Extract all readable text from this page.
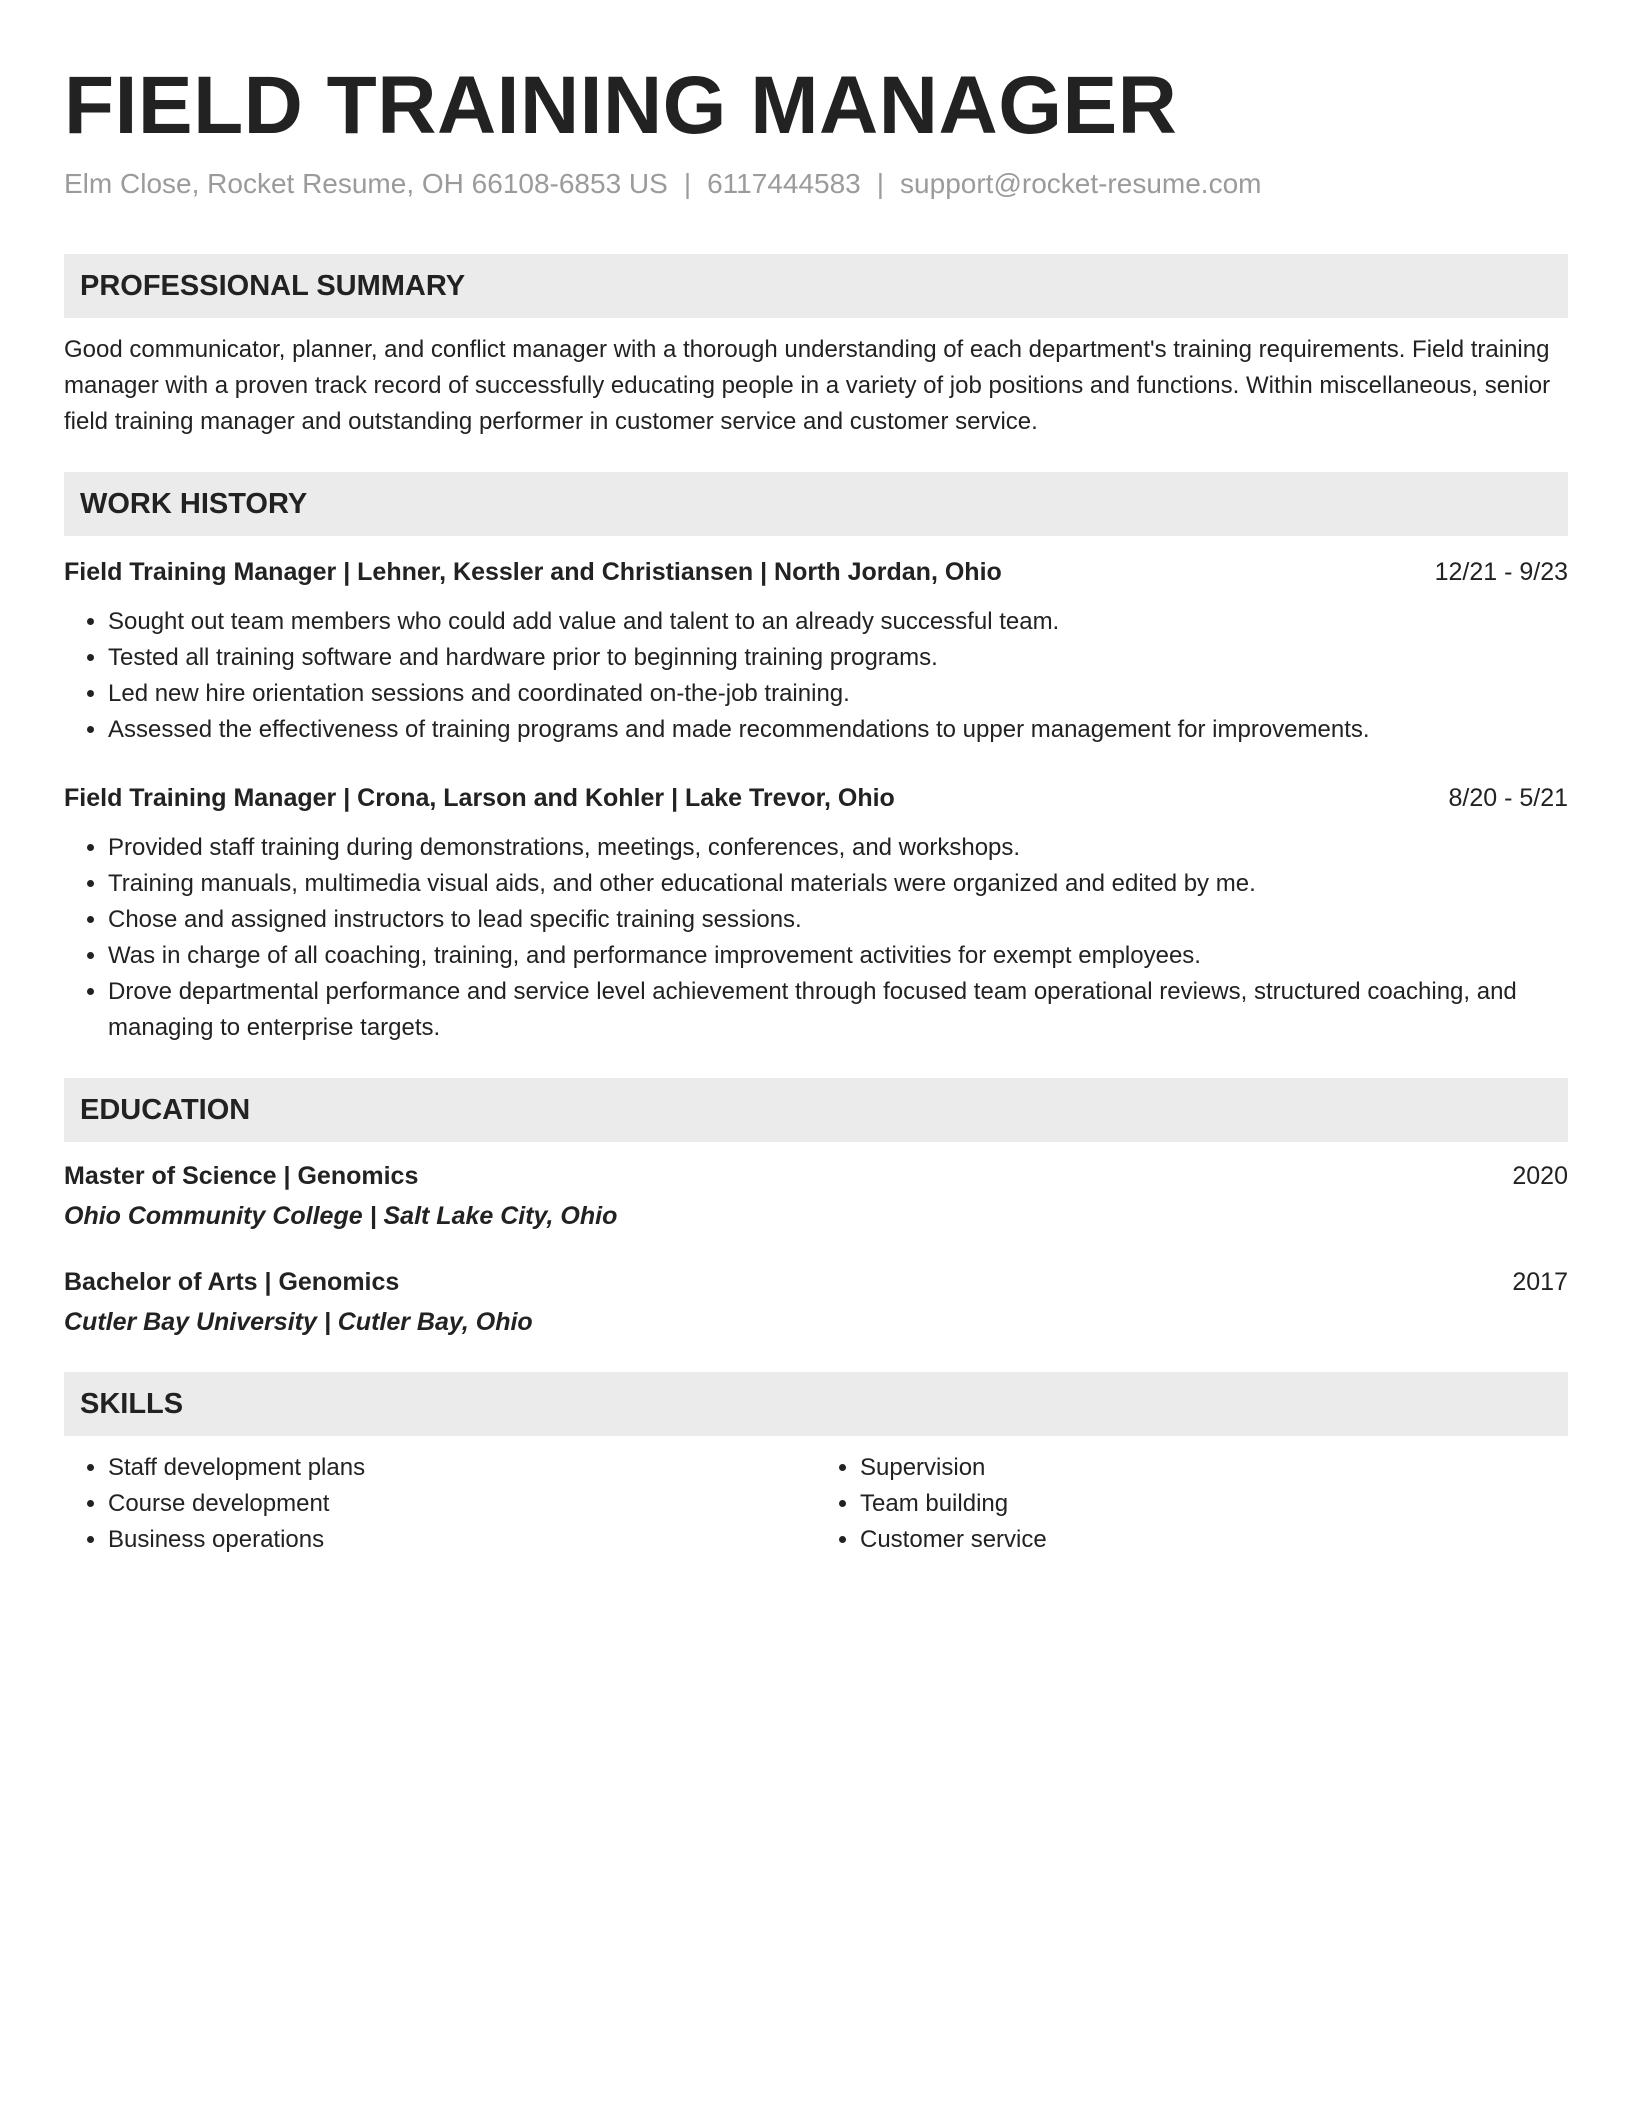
FIELD TRAINING MANAGER
Elm Close, Rocket Resume, OH 66108-6853 US | 6117444583 | support@rocket-resume.com
PROFESSIONAL SUMMARY

Good communicator, planner, and conflict manager with a thorough understanding of each department's training requirements. Field training manager with a proven track record of successfully educating people in a variety of job positions and functions. Within miscellaneous, senior field training manager and outstanding performer in customer service and customer service.

WORK HISTORY
Field Training Manager | Lehner, Kessler and Christiansen | North Jordan, Ohio	12/21 - 9/23
• Sought out team members who could add value and talent to an already successful team.
• Tested all training software and hardware prior to beginning training programs.
• Led new hire orientation sessions and coordinated on-the-job training.
• Assessed the effectiveness of training programs and made recommendations to upper management for improvements.
Field Training Manager | Crona, Larson and Kohler | Lake Trevor, Ohio	8/20 - 5/21
• Provided staff training during demonstrations, meetings, conferences, and workshops.
• Training manuals, multimedia visual aids, and other educational materials were organized and edited by me.
• Chose and assigned instructors to lead specific training sessions.
• Was in charge of all coaching, training, and performance improvement activities for exempt employees.
• Drove departmental performance and service level achievement through focused team operational reviews, structured coaching, and managing to enterprise targets.
EDUCATION
Master of Science | Genomics	2020
Ohio Community College | Salt Lake City, Ohio
Bachelor of Arts | Genomics	2017
Cutler Bay University | Cutler Bay, Ohio
SKILLS
• Staff development plans
• Course development
• Business operations
• Supervision
• Team building
• Customer service
